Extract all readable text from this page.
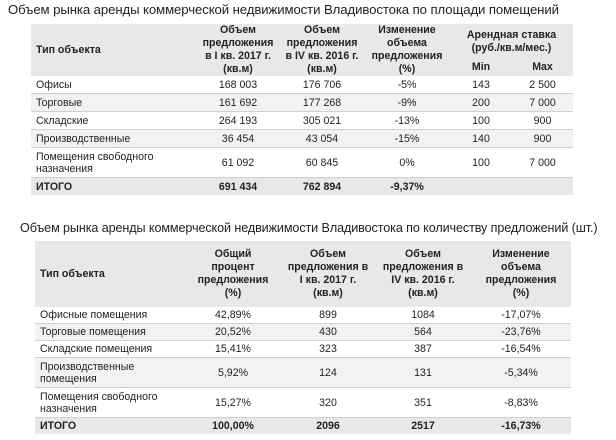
Объем рынка аренды коммерческой недвижимости Владивостока по площади помещений
Тип объекта	Объем предложения в I кв. 2017 г. (кв.м)	Объем предложения в IV кв. 2016 г. (кв.м)	Изменение объема предложения (%)	Арендная ставка (руб./кв.м/мес.)	
				Min	Max
Офисы	168 003	176 706	-5%	143	2 500
Торговые	161 692	177 268	-9%	200	7 000
Складские	264 193	305 021	-13%	100	900
Производственные	36 454	43 054	-15%	140	900
Помещения свободного назначения	61 092	60 845	0%	100	7 000
ИТОГО	691 434	762 894	-9,37%		
Объем рынка аренды коммерческой недвижимости Владивостока по количеству предложений (шт.)
Тип объекта	Общий процент предложения (%)	Объем предложения в I кв. 2017 г. (кв.м)	Объем предложения в IV кв. 2016 г. (кв.м)	Изменение объема предложения (%)
Офисные помещения	42,89%	899	1084	-17,07%
Торговые помещения	20,52%	430	564	-23,76%
Складские помещения	15,41%	323	387	-16,54%
Производственные помещения	5,92%	124	131	-5,34%
Помещения свободного назначения	15,27%	320	351	-8,83%
ИТОГО	100,00%	2096	2517	-16,73%
